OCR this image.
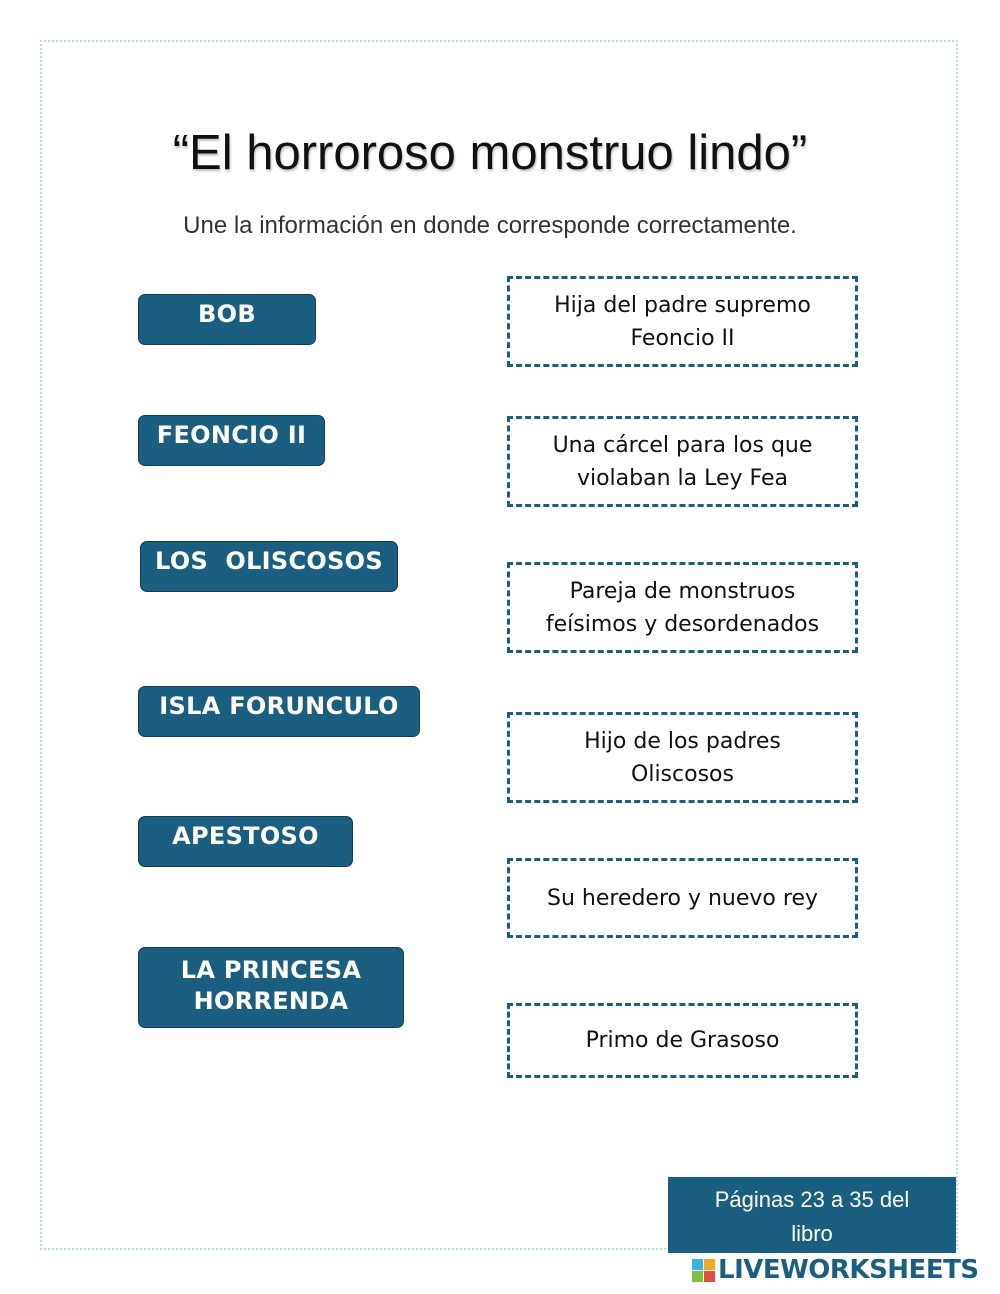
“El horroroso monstruo lindo”
Une la información en donde corresponde correctamente.
BOB
FEONCIO II
LOS  OLISCOSOS
ISLA FORUNCULO
APESTOSO
LA PRINCESA
HORRENDA
Hija del padre supremo
Feoncio II
Una cárcel para los que
violaban la Ley Fea
Pareja de monstruos
feísimos y desordenados
Hijo de los padres
Oliscosos
Su heredero y nuevo rey
Primo de Grasoso
Páginas 23 a 35 del
libro
LIVEWORKSHEETS
